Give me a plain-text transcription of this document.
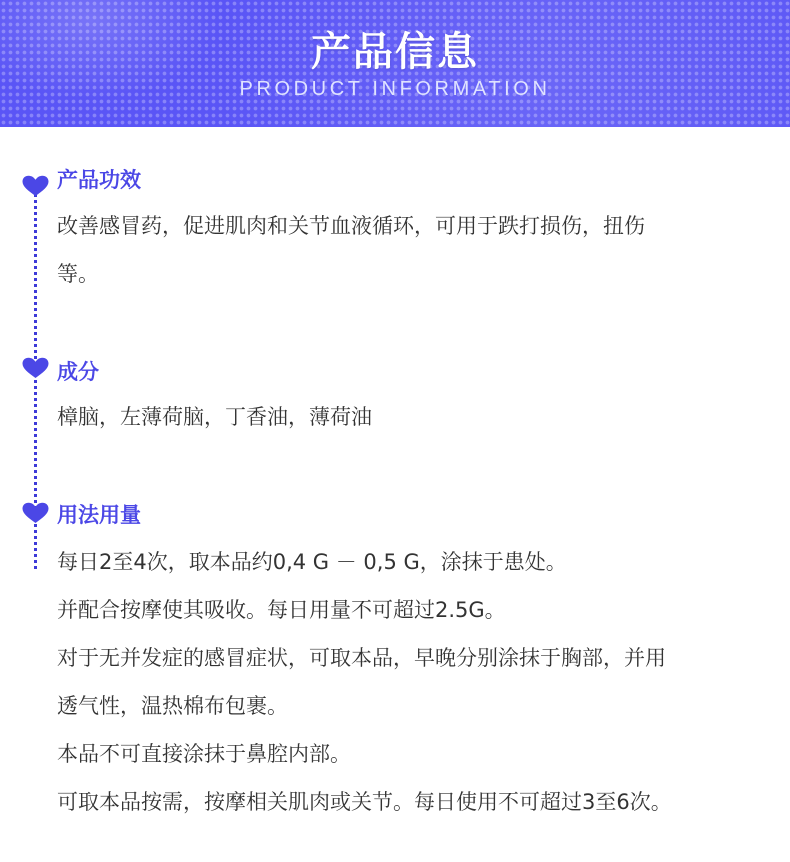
产品信息
PRODUCT INFORMATION
产品功效

改善感冒药，促进肌肉和关节血液循环，可用于跌打损伤，扭伤

等。

成分

樟脑，左薄荷脑，丁香油，薄荷油

用法用量

每日2至4次，取本品约0,4 G － 0,5 G，涂抹于患处。

并配合按摩使其吸收。每日用量不可超过2.5G。

对于无并发症的感冒症状，可取本品，早晚分别涂抹于胸部，并用

透气性，温热棉布包裹。

本品不可直接涂抹于鼻腔内部。

可取本品按需，按摩相关肌肉或关节。每日使用不可超过3至6次。
